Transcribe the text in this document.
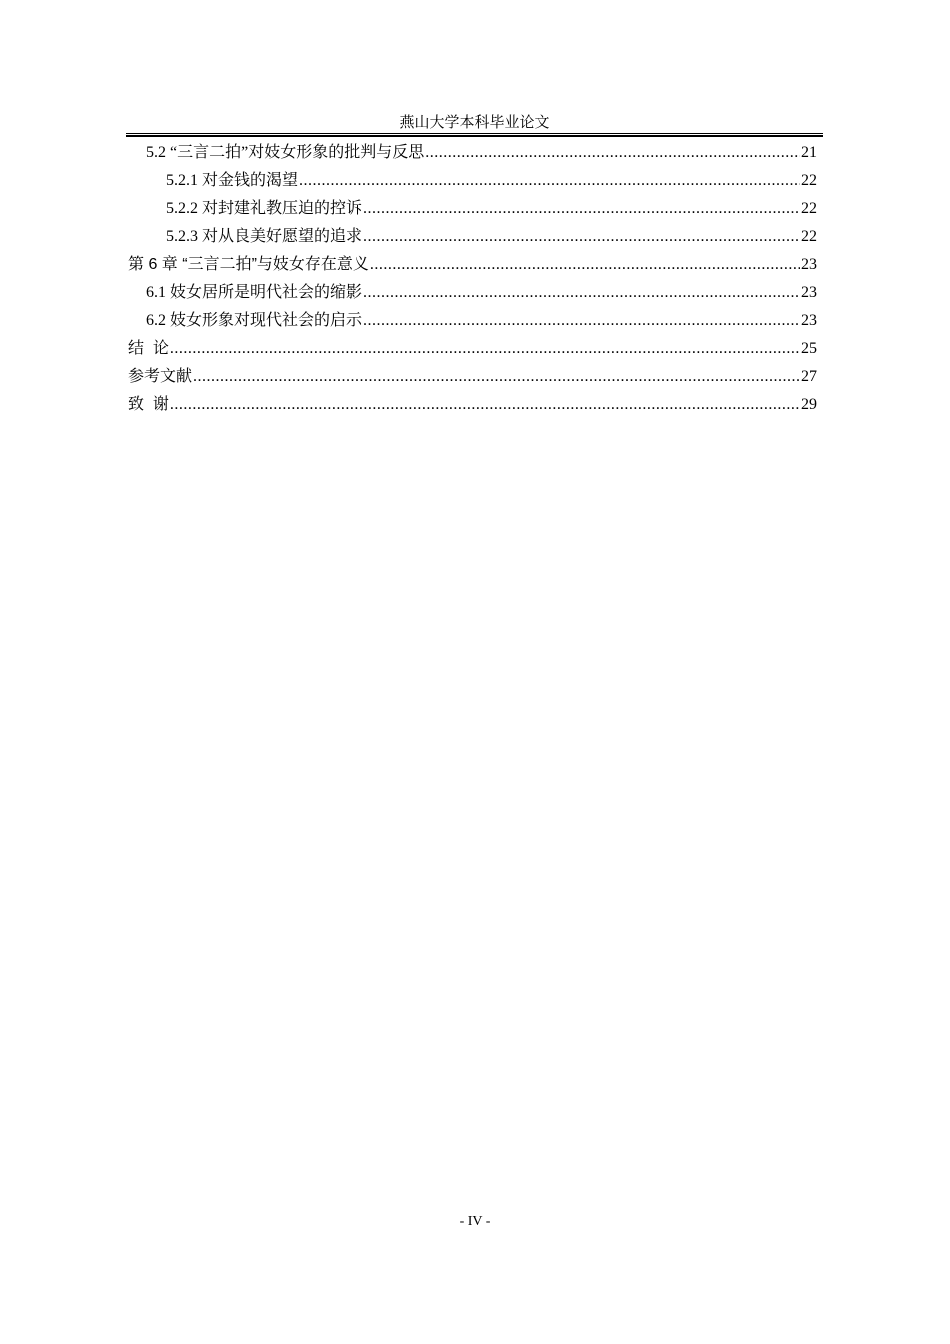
燕山大学本科毕业论文
5.2 “三言二拍”对妓女形象的批判与反思 .....	21
5.2.1 对金钱的渴望 .....	22
5.2.2 对封建礼教压迫的控诉 .....	22
5.2.3 对从良美好愿望的追求 .....	22
第 6 章 “三言二拍”与妓女存在意义 .....	23
6.1 妓女居所是明代社会的缩影 .....	23
6.2 妓女形象对现代社会的启示 .....	23
结  论 .....	25
参考文献 .....	27
致  谢 .....	29
- IV -
